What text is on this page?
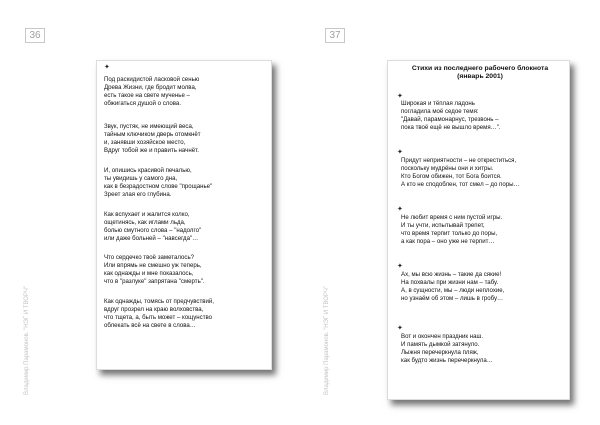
36
Владимир Парамонов. "НЭГ И ТВОРЧ"
✦
Под раскидистой ласковой сенью
Древа Жизни, где бродит молва,
есть такое на свете мученье –
обжигаться душой о слова.
Звук, пустяк, не имеющий веса,
тайным ключиком дверь отомкнёт
и, занявши хозяйское место,
Вдруг тобой же и править начнёт.
И, опишись красивой печалью,
ты увидишь у самого дна,
как в безрадостном слове "прощанье"
Зреет злая его глубина.
Как вспухает и жалится колко,
ощетинясь, как иглами льда,
болью смутного слова – "надолго"
или даже больней – "навсегда"…
Что сердечко твоё заметалось?
Или впрямь не смешно уж теперь,
как однажды и мне показалось,
что в "разлуке" запрятана "смерть".
Как однажды, томясь от предчувствий,
вдруг прозрел на краю волховства,
что тщета, а, быть может – кощунство
облекать всё на свете в слова…
37
Владимир Парамонов. "НЭГ И ТВОРЧ"
Стихи из последнего рабочего блокнота
(январь 2001)
✦
Широкая и тёплая ладонь
погладила моё седое темя:
"Давай, парамонарнуc, трезвонь –
пока твоё ещё не вышло время…".
✦
Придут неприятности – не откреститься,
поскольку мудрёны они и хитры.
Кто Богом обижен, тот Бога боится.
А кто не сподоблен, тот смел – до поры…
✦
Не любит время с ним пустой игры.
И ты учти, испытывай трепет,
что время терпит только до поры,
а как пора – оно уже не терпит…
✦
Ах, мы всю жизнь – такие да сякие!
На похвалы при жизни нам – табу.
А, в сущности, мы – люди неплохие,
но узнаём об этом – лишь в гробу…
✦
Вот и окончен праздник наш.
И память дымкой затянуло.
Лыжня перечеркнула пляж,
как будто жизнь перечеркнула…
